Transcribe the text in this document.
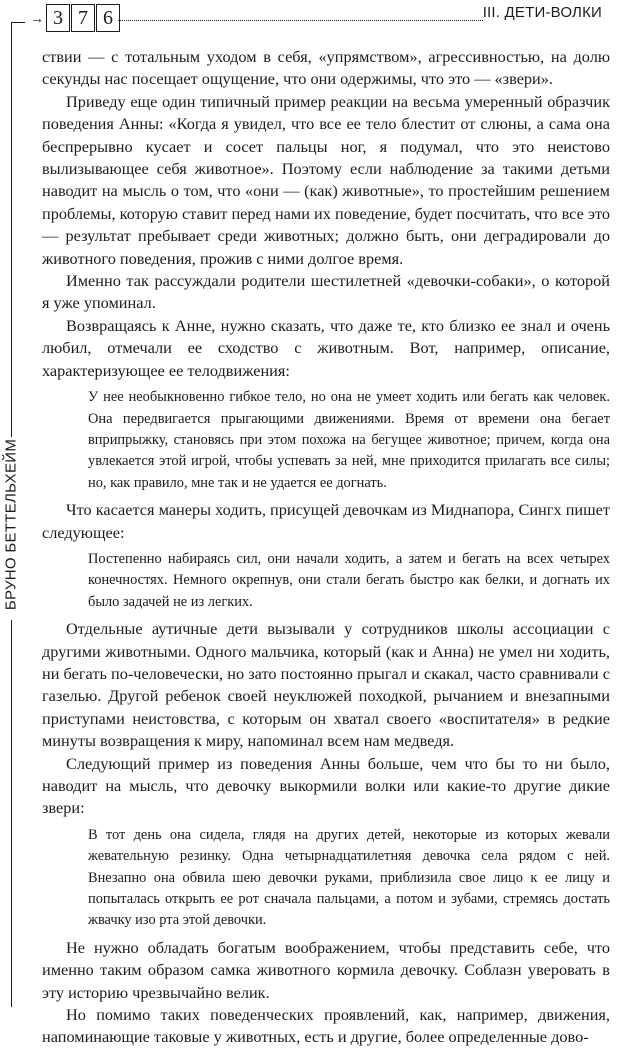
→ 3 7 6	III. ДЕТИ-ВОЛКИ
БРУНО БЕТТЕЛЬХЕЙМ

ствии — с тотальным уходом в себя, «упрямством», агрессивностью, на долю секунды нас посещает ощущение, что они одержимы, что это — «звери».

Приведу еще один типичный пример реакции на весьма умеренный образчик поведения Анны: «Когда я увидел, что все ее тело блестит от слюны, а сама она беспрерывно кусает и сосет пальцы ног, я подумал, что это неистово вылизывающее себя животное». Поэтому если наблюдение за такими детьми наводит на мысль о том, что «они — (как) животные», то простейшим решением проблемы, которую ставит перед нами их поведение, будет посчитать, что все это — результат пребывает среди животных; должно быть, они деградировали до животного поведения, прожив с ними долгое время.

Именно так рассуждали родители шестилетней «девочки-собаки», о которой я уже упоминал.

Возвращаясь к Анне, нужно сказать, что даже те, кто близко ее знал и очень любил, отмечали ее сходство с животным. Вот, например, описание, характеризующее ее телодвижения:

У нее необыкновенно гибкое тело, но она не умеет ходить или бегать как человек. Она передвигается прыгающими движениями. Время от времени она бегает вприпрыжку, становясь при этом похожа на бегущее животное; причем, когда она увлекается этой игрой, чтобы успевать за ней, мне приходится прилагать все силы; но, как правило, мне так и не удается ее догнать.

Что касается манеры ходить, присущей девочкам из Миднапора, Сингх пишет следующее:

Постепенно набираясь сил, они начали ходить, а затем и бегать на всех четырех конечностях. Немного окрепнув, они стали бегать быстро как белки, и догнать их было задачей не из легких.

Отдельные аутичные дети вызывали у сотрудников школы ассоциации с другими животными. Одного мальчика, который (как и Анна) не умел ни ходить, ни бегать по-человечески, но зато постоянно прыгал и скакал, часто сравнивали с газелью. Другой ребенок своей неуклюжей походкой, рычанием и внезапными приступами неистовства, с которым он хватал своего «воспитателя» в редкие минуты возвращения к миру, напоминал всем нам медведя.

Следующий пример из поведения Анны больше, чем что бы то ни было, наводит на мысль, что девочку выкормили волки или какие-то другие дикие звери:

В тот день она сидела, глядя на других детей, некоторые из которых жевали жевательную резинку. Одна четырнадцатилетняя девочка села рядом с ней. Внезапно она обвила шею девочки руками, приблизила свое лицо к ее лицу и попыталась открыть ее рот сначала пальцами, а потом и зубами, стремясь достать жвачку изо рта этой девочки.

Не нужно обладать богатым воображением, чтобы представить себе, что именно таким образом самка животного кормила девочку. Соблазн уверовать в эту историю чрезвычайно велик.

Но помимо таких поведенческих проявлений, как, например, движения, напоминающие таковые у животных, есть и другие, более определенные дово-
